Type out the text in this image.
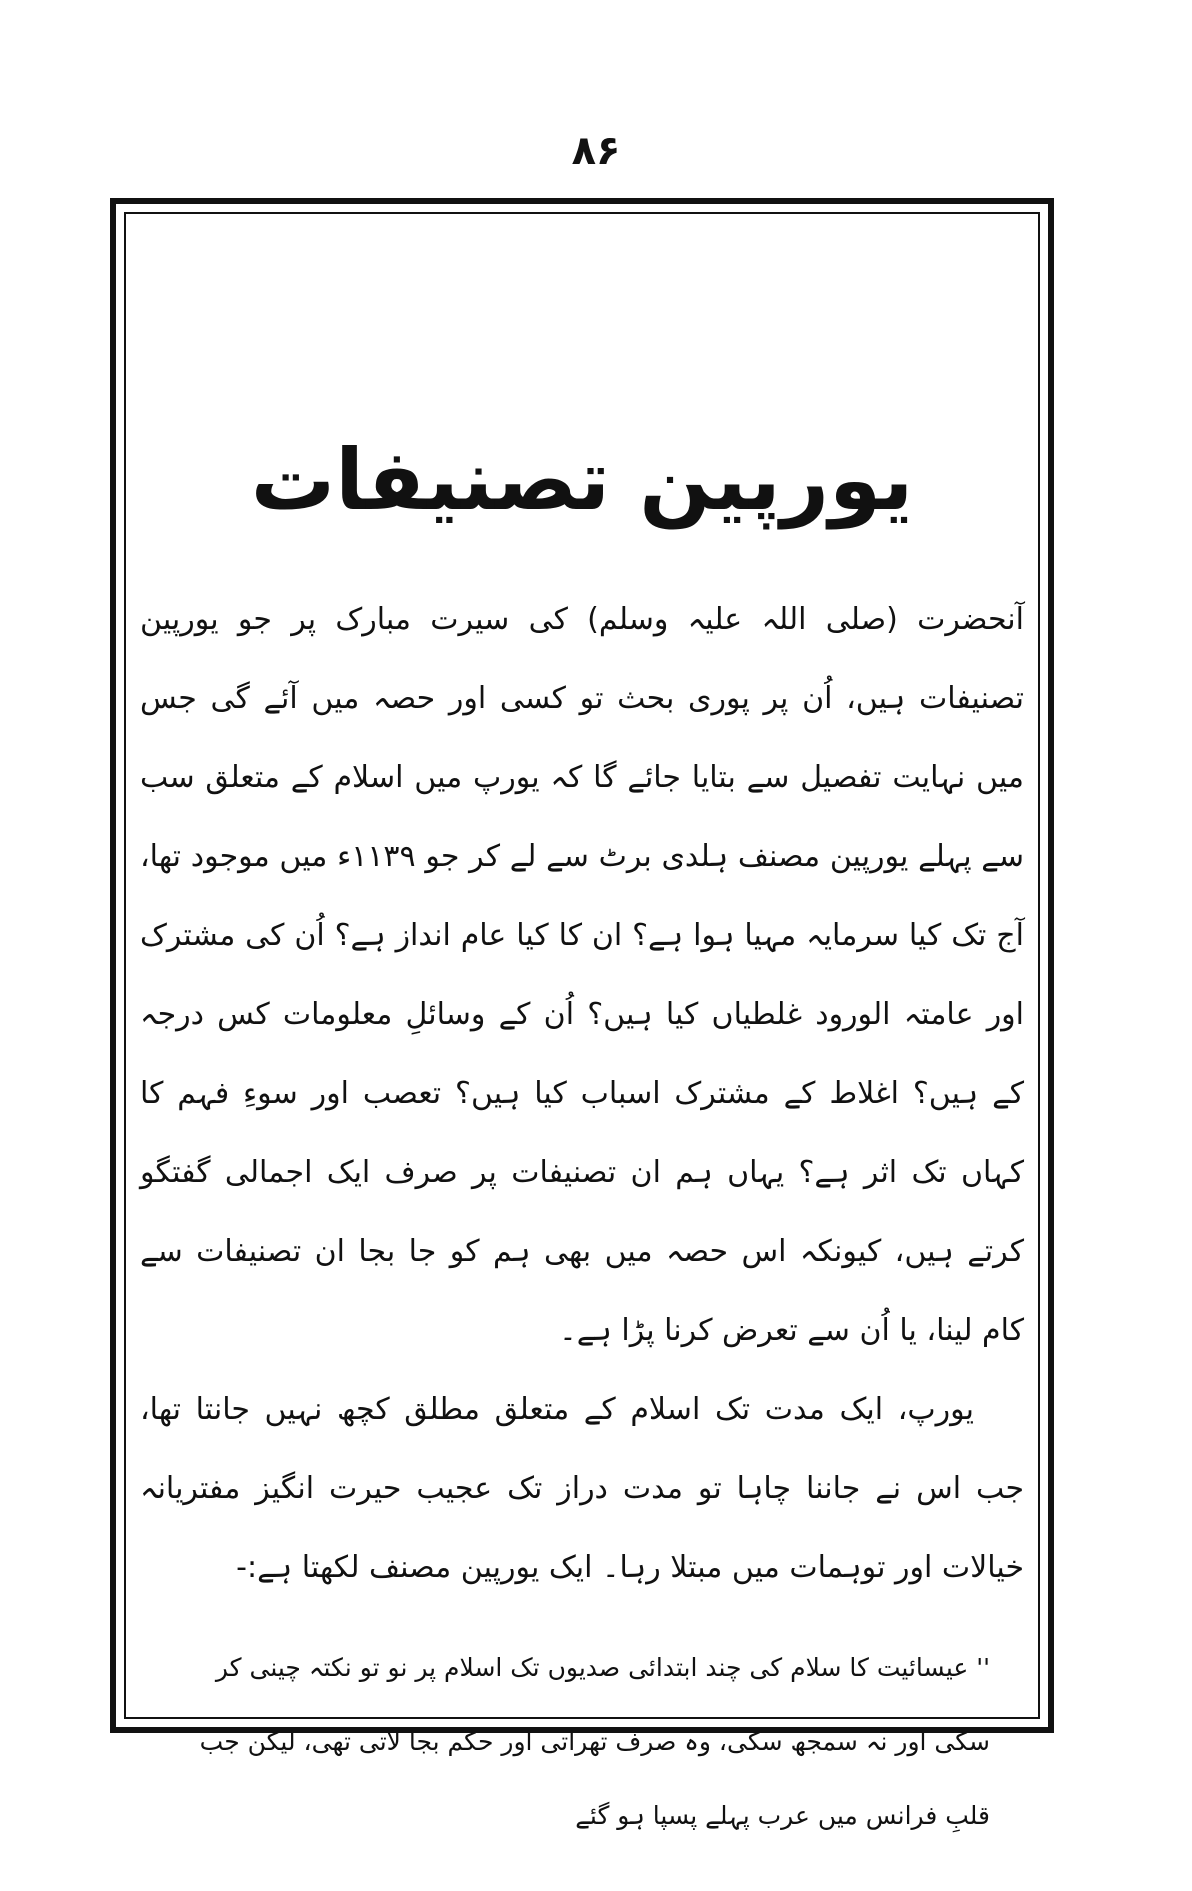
۸۶
یورپین تصنیفات

آنحضرت (صلی اللہ علیہ وسلم) کی سیرت مبارک پر جو یورپین تصنیفات ہیں، اُن پر پوری بحث تو کسی اور حصہ میں آئے گی جس میں نہایت تفصیل سے بتایا جائے گا کہ یورپ میں اسلام کے متعلق سب سے پہلے یورپین مصنف ہلدی برٹ سے لے کر جو ۱۱۳۹ء میں موجود تھا، آج تک کیا سرمایہ مہیا ہوا ہے؟ ان کا کیا عام انداز ہے؟ اُن کی مشترک اور عامتہ الورود غلطیاں کیا ہیں؟ اُن کے وسائلِ معلومات کس درجہ کے ہیں؟ اغلاط کے مشترک اسباب کیا ہیں؟ تعصب اور سوءِ فہم کا کہاں تک اثر ہے؟ یہاں ہم ان تصنیفات پر صرف ایک اجمالی گفتگو کرتے ہیں، کیونکہ اس حصہ میں بھی ہم کو جا بجا ان تصنیفات سے کام لینا، یا اُن سے تعرض کرنا پڑا ہے۔

یورپ، ایک مدت تک اسلام کے متعلق مطلق کچھ نہیں جانتا تھا، جب اس نے جاننا چاہا تو مدت دراز تک عجیب حیرت انگیز مفتریانہ خیالات اور توہمات میں مبتلا رہا۔ ایک یورپین مصنف لکھتا ہے:-

'' عیسائیت کا سلام کی چند ابتدائی صدیوں تک اسلام پر نو تو نکتہ چینی کر سکی اور نہ سمجھ سکی، وہ صرف تھراتی اور حکم بجا لاتی تھی، لیکن جب قلبِ فرانس میں عرب پہلے پسپا ہو گئے
